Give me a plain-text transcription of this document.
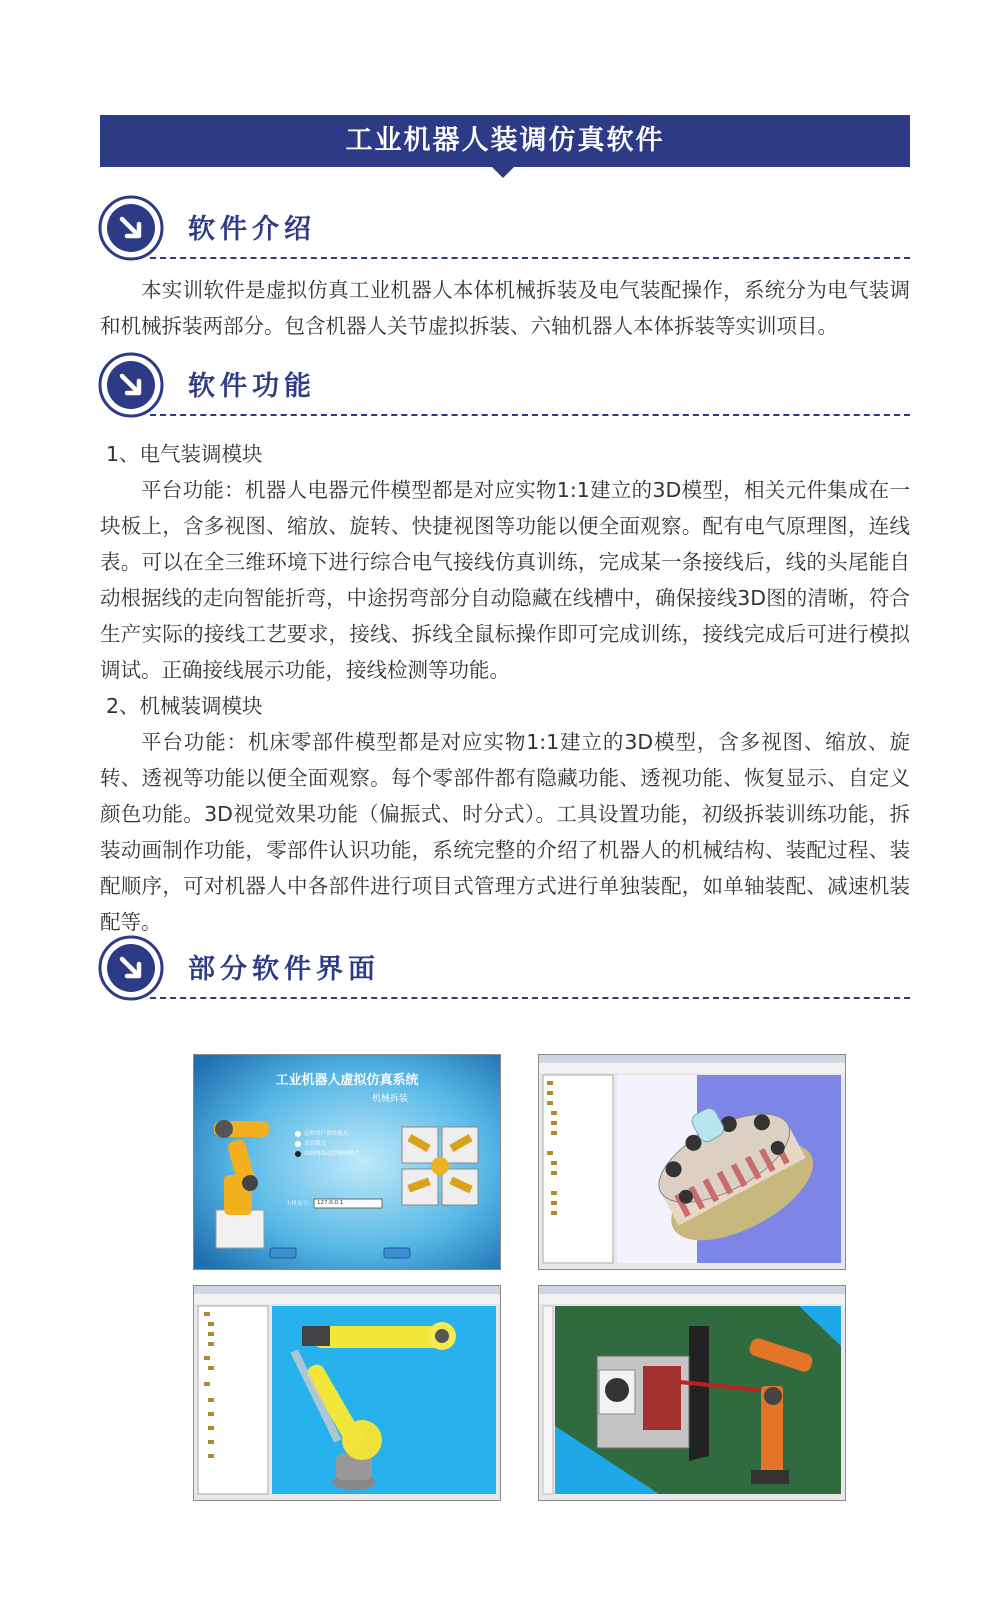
工业机器人装调仿真软件
软件介绍

本实训软件是虚拟仿真工业机器人本体机械拆装及电气装配操作，系统分为电气装调和机械拆装两部分。包含机器人关节虚拟拆装、六轴机器人本体拆装等实训项目。

软件功能
1、电气装调模块

平台功能：机器人电器元件模型都是对应实物1:1建立的3D模型，相关元件集成在一块板上，含多视图、缩放、旋转、快捷视图等功能以便全面观察。配有电气原理图，连线表。可以在全三维环境下进行综合电气接线仿真训练，完成某一条接线后，线的头尾能自动根据线的走向智能折弯，中途拐弯部分自动隐藏在线槽中，确保接线3D图的清晰，符合生产实际的接线工艺要求，接线、拆线全鼠标操作即可完成训练，接线完成后可进行模拟调试。正确接线展示功能，接线检测等功能。

2、机械装调模块

平台功能：机床零部件模型都是对应实物1:1建立的3D模型，含多视图、缩放、旋转、透视等功能以便全面观察。每个零部件都有隐藏功能、透视功能、恢复显示、自定义颜色功能。3D视觉效果功能（偏振式、时分式）。工具设置功能，初级拆装训练功能，拆装动画制作功能，零部件认识功能，系统完整的介绍了机器人的机械结构、装配过程、装配顺序，可对机器人中各部件进行项目式管理方式进行单独装配，如单轴装配、减速机装配等。

部分软件界面
工业机器人虚拟仿真系统
机械拆装
远程用户训练模式
评估模式
局域网络远程训练模式
主机名字: 127.0.0.1
